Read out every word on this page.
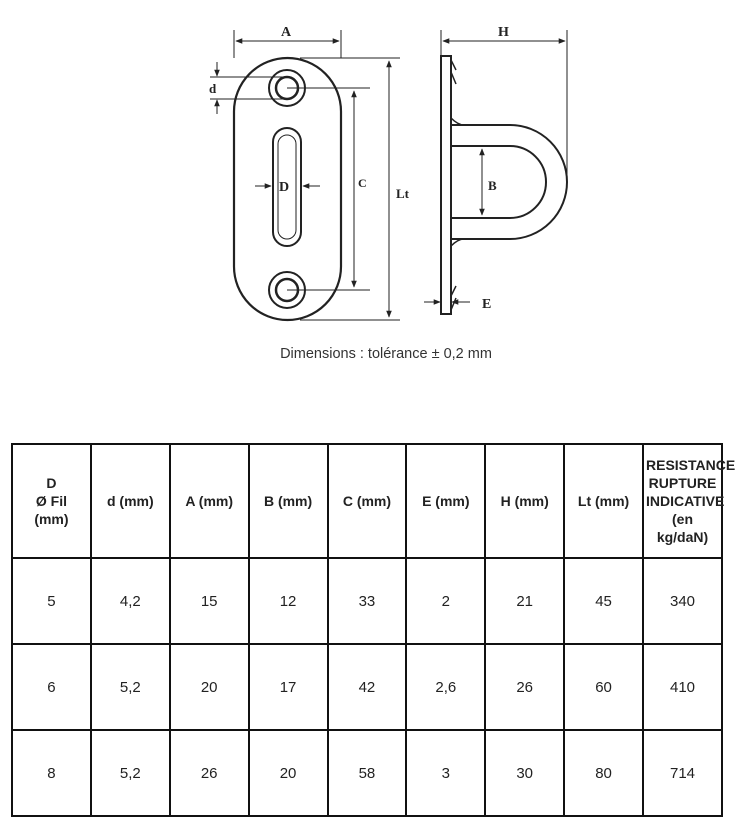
A
d
D	C
Lt
H
B
E
Dimensions : tolérance ± 0,2 mm
D
Ø Fil
(mm)	d (mm)	A (mm)	B (mm)	C (mm)	E (mm)	H (mm)	Lt (mm)	RESISTANCE
RUPTURE
INDICATIVE
(en kg/daN)

5	4,2	15	12	33	2	21	45	340
6	5,2	20	17	42	2,6	26	60	410
8	5,2	26	20	58	3	30	80	714
